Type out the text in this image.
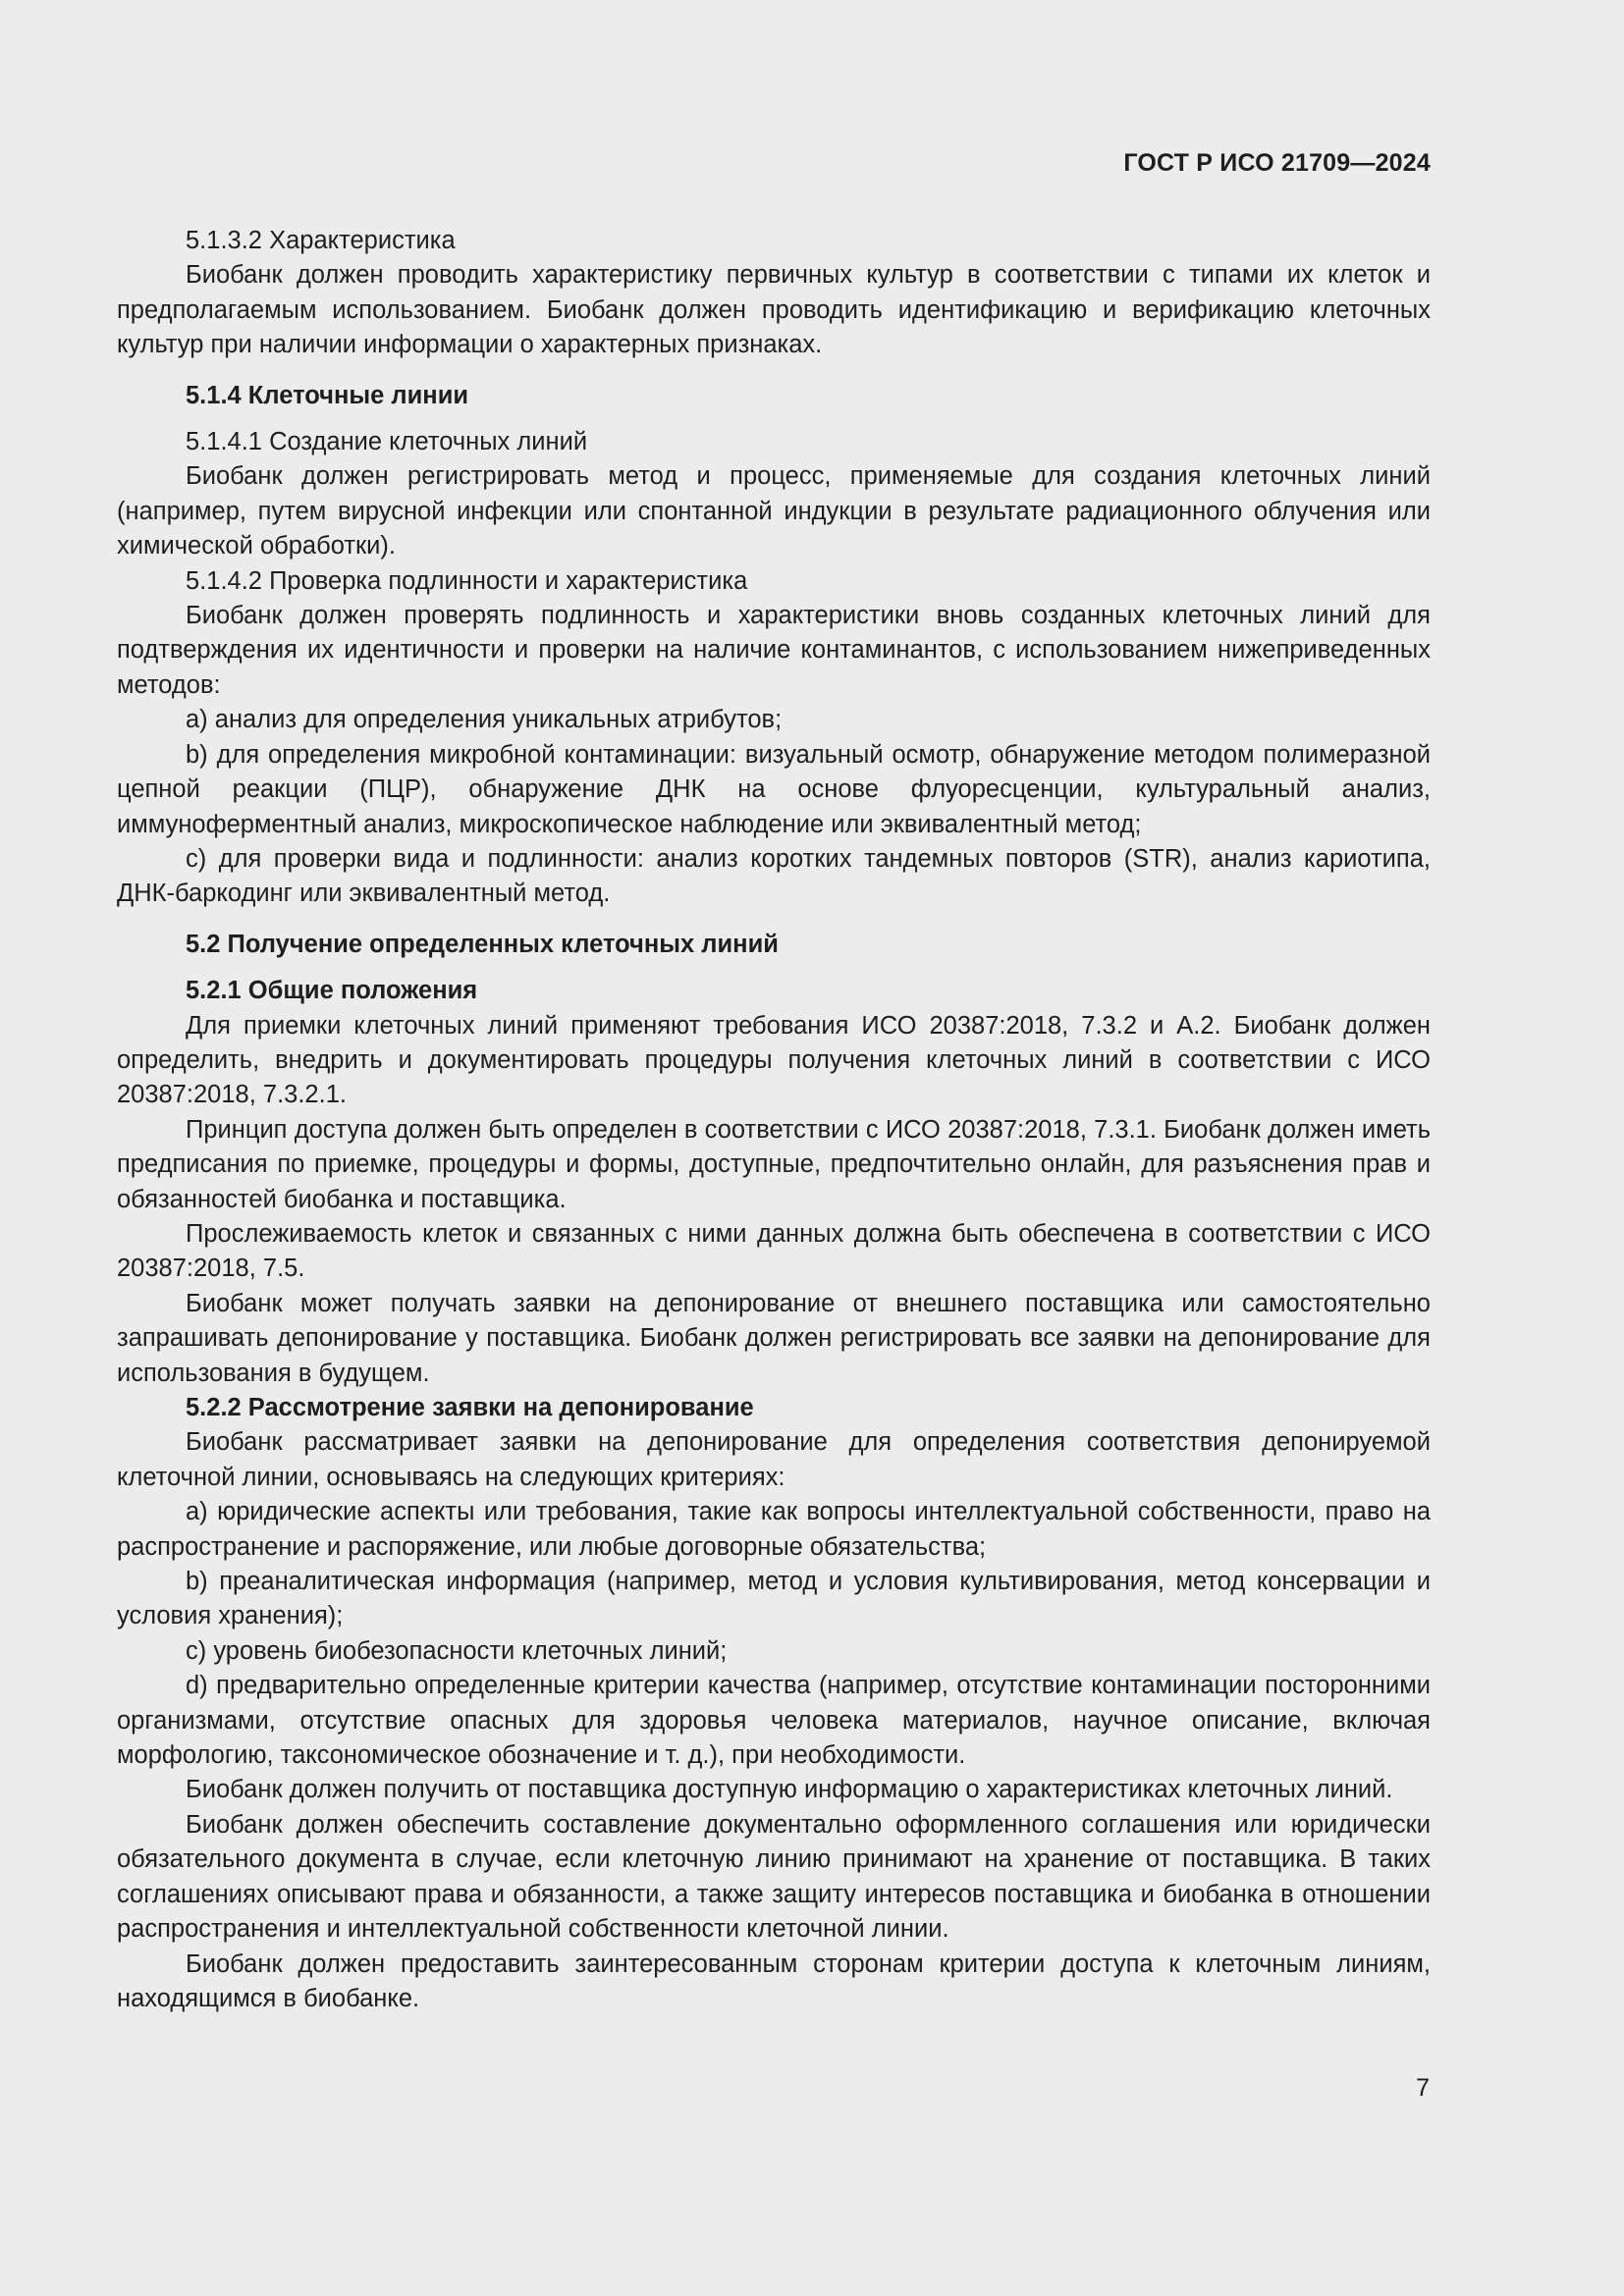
ГОСТ Р ИСО 21709—2024

5.1.3.2 Характеристика

Биобанк должен проводить характеристику первичных культур в соответствии с типами их клеток и предполагаемым использованием. Биобанк должен проводить идентификацию и верификацию клеточных культур при наличии информации о характерных признаках.

5.1.4 Клеточные линии

5.1.4.1 Создание клеточных линий

Биобанк должен регистрировать метод и процесс, применяемые для создания клеточных линий (например, путем вирусной инфекции или спонтанной индукции в результате радиационного облучения или химической обработки).

5.1.4.2 Проверка подлинности и характеристика

Биобанк должен проверять подлинность и характеристики вновь созданных клеточных линий для подтверждения их идентичности и проверки на наличие контаминантов, с использованием нижеприведенных методов:

a) анализ для определения уникальных атрибутов;

b) для определения микробной контаминации: визуальный осмотр, обнаружение методом полимеразной цепной реакции (ПЦР), обнаружение ДНК на основе флуоресценции, культуральный анализ, иммуноферментный анализ, микроскопическое наблюдение или эквивалентный метод;

c) для проверки вида и подлинности: анализ коротких тандемных повторов (STR), анализ кариотипа, ДНК-баркодинг или эквивалентный метод.

5.2 Получение определенных клеточных линий

5.2.1 Общие положения

Для приемки клеточных линий применяют требования ИСО 20387:2018, 7.3.2 и А.2. Биобанк должен определить, внедрить и документировать процедуры получения клеточных линий в соответствии с ИСО 20387:2018, 7.3.2.1.

Принцип доступа должен быть определен в соответствии с ИСО 20387:2018, 7.3.1. Биобанк должен иметь предписания по приемке, процедуры и формы, доступные, предпочтительно онлайн, для разъяснения прав и обязанностей биобанка и поставщика.

Прослеживаемость клеток и связанных с ними данных должна быть обеспечена в соответствии с ИСО 20387:2018, 7.5.

Биобанк может получать заявки на депонирование от внешнего поставщика или самостоятельно запрашивать депонирование у поставщика. Биобанк должен регистрировать все заявки на депонирование для использования в будущем.

5.2.2 Рассмотрение заявки на депонирование

Биобанк рассматривает заявки на депонирование для определения соответствия депонируемой клеточной линии, основываясь на следующих критериях:

a) юридические аспекты или требования, такие как вопросы интеллектуальной собственности, право на распространение и распоряжение, или любые договорные обязательства;

b) преаналитическая информация (например, метод и условия культивирования, метод консервации и условия хранения);

c) уровень биобезопасности клеточных линий;

d) предварительно определенные критерии качества (например, отсутствие контаминации посторонними организмами, отсутствие опасных для здоровья человека материалов, научное описание, включая морфологию, таксономическое обозначение и т. д.), при необходимости.

Биобанк должен получить от поставщика доступную информацию о характеристиках клеточных линий.

Биобанк должен обеспечить составление документально оформленного соглашения или юридически обязательного документа в случае, если клеточную линию принимают на хранение от поставщика. В таких соглашениях описывают права и обязанности, а также защиту интересов поставщика и биобанка в отношении распространения и интеллектуальной собственности клеточной линии.

Биобанк должен предоставить заинтересованным сторонам критерии доступа к клеточным линиям, находящимся в биобанке.

7
